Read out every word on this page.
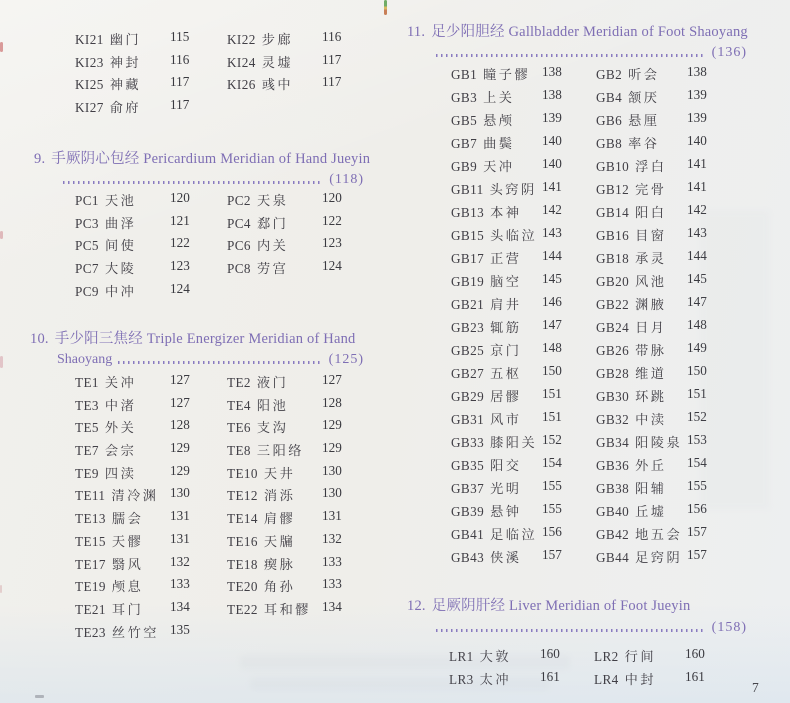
KI21 幽门 115	KI22 步廊 116
KI23 神封 116	KI24 灵墟 117
KI25 神藏 117	KI26 彧中 117
KI27 俞府 117
9. 手厥阴心包经 Pericardium Meridian of Hand Jueyin
(118)
PC1 天池	120	PC2 天泉	120
PC3 曲泽	121	PC4 郄门	122
PC5 间使	122	PC6 内关	123
PC7 大陵	123	PC8 劳宫	124
PC9 中冲	124
10. 手少阳三焦经 Triple Energizer Meridian of Hand
Shaoyang	(125)
TE1 关冲	127	TE2 液门	127
TE3 中渚	127	TE4 阳池	128
TE5 外关	128	TE6 支沟	129
TE7 会宗	129	TE8 三阳络 129
TE9 四渎	129	TE10 天井 130
TE11 清冷渊 130	TE12 消泺 130
TE13 臑会 131	TE14 肩髎 131
TE15 天髎 131	TE16 天牖 132
TE17 翳风 132	TE18 瘈脉 133
TE19 颅息 133	TE20 角孙 133
TE21 耳门 134	TE22 耳和髎 134
TE23 丝竹空 135
11. 足少阳胆经 Gallbladder Meridian of Foot Shaoyang
(136)
GB1 瞳子髎 138	GB2 听会 138
GB3 上关 138	GB4 颔厌 139
GB5 悬颅 139	GB6 悬厘 139
GB7 曲鬓 140	GB8 率谷 140
GB9 天冲 140	GB10 浮白 141
GB11 头窍阴 141	GB12 完骨 141
GB13 本神 142	GB14 阳白 142
GB15 头临泣 143	GB16 目窗 143
GB17 正营 144	GB18 承灵 144
GB19 脑空 145	GB20 风池 145
GB21 肩井 146	GB22 渊腋 147
GB23 辄筋 147	GB24 日月 148
GB25 京门 148	GB26 带脉 149
GB27 五枢 150	GB28 维道 150
GB29 居髎 151	GB30 环跳 151
GB31 风市 151	GB32 中渎 152
GB33 膝阳关 152	GB34 阳陵泉 153
GB35 阳交 154	GB36 外丘 154
GB37 光明 155	GB38 阳辅 155
GB39 悬钟 155	GB40 丘墟 156
GB41 足临泣 156	GB42 地五会 157
GB43 侠溪 157	GB44 足窍阴 157
12. 足厥阴肝经 Liver Meridian of Foot Jueyin
(158)
LR1 大敦 160	LR2 行间 160
LR3 太冲 161	LR4 中封 161
7
